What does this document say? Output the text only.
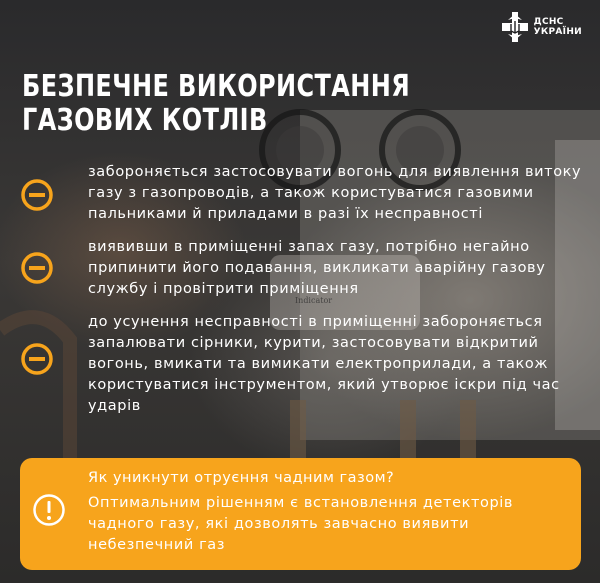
Indicator
ДСНС
УКРАЇНИ
БЕЗПЕЧНЕ ВИКОРИСТАННЯ
ГАЗОВИХ КОТЛІВ

забороняється застосовувати вогонь для виявлення витоку газу з газопроводів, а також користуватися газовими пальниками й приладами в разі їх несправності

виявивши в приміщенні запах газу, потрібно негайно припинити його подавання, викликати аварійну газову службу і провітрити приміщення

до усунення несправності в приміщенні забороняється запалювати сірники, курити, застосовувати відкритий вогонь, вмикати та вимикати електроприлади, а також користуватися інструментом, який утворює іскри під час ударів

Як уникнути отруєння чадним газом?

Оптимальним рішенням є встановлення детекторів чадного газу, які дозволять завчасно виявити небезпечний газ
